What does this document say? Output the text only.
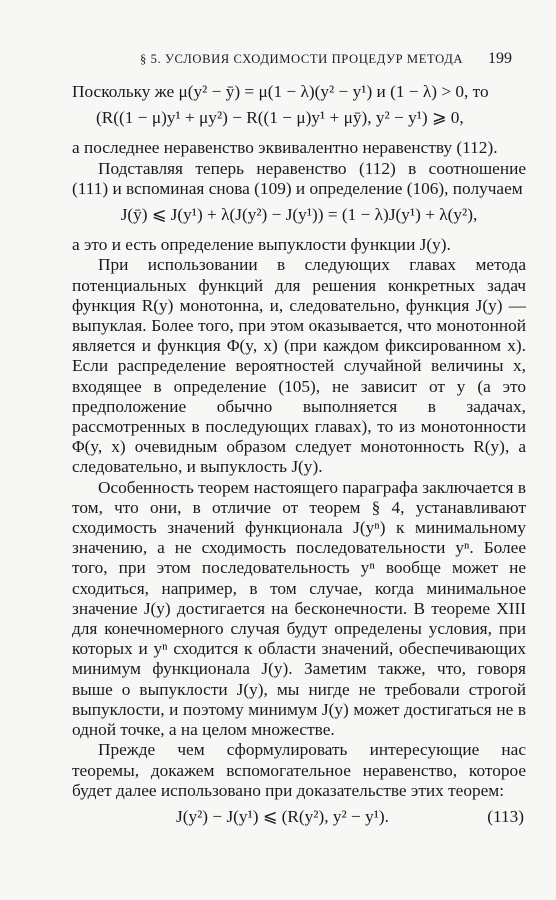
§ 5. УСЛОВИЯ СХОДИМОСТИ ПРОЦЕДУР МЕТОДА 199

Поскольку же μ(y² − ȳ) = μ(1 − λ)(y² − y¹) и (1 − λ) > 0, то

(R((1 − μ)y¹ + μy²) − R((1 − μ)y¹ + μȳ), y² − y¹) ⩾ 0,

а последнее неравенство эквивалентно неравенству (112).

Подставляя теперь неравенство (112) в соотношение (111) и вспоминая снова (109) и определение (106), получаем

J(ȳ) ⩽ J(y¹) + λ(J(y²) − J(y¹)) = (1 − λ)J(y¹) + λ(y²),

а это и есть определение выпуклости функции J(y).

При использовании в следующих главах метода потенциальных функций для решения конкретных задач функция R(y) монотонна, и, следовательно, функция J(y) — выпуклая. Более того, при этом оказывается, что монотонной является и функция Φ(y, x) (при каждом фиксированном x). Если распределение вероятностей случайной величины x, входящее в определение (105), не зависит от y (а это предположение обычно выполняется в задачах, рассмотренных в последующих главах), то из монотонности Φ(y, x) очевидным образом следует монотонность R(y), а следовательно, и выпуклость J(y).

Особенность теорем настоящего параграфа заключается в том, что они, в отличие от теорем § 4, устанавливают сходимость значений функционала J(yⁿ) к минимальному значению, а не сходимость последовательности yⁿ. Более того, при этом последовательность yⁿ вообще может не сходиться, например, в том случае, когда минимальное значение J(y) достигается на бесконечности. В теореме XIII для конечномерного случая будут определены условия, при которых и yⁿ сходится к области значений, обеспечивающих минимум функционала J(y). Заметим также, что, говоря выше о выпуклости J(y), мы нигде не требовали строгой выпуклости, и поэтому минимум J(y) может достигаться не в одной точке, а на целом множестве.

Прежде чем сформулировать интересующие нас теоремы, докажем вспомогательное неравенство, которое будет далее использовано при доказательстве этих теорем:

J(y²) − J(y¹) ⩽ (R(y²), y² − y¹).	(113)
